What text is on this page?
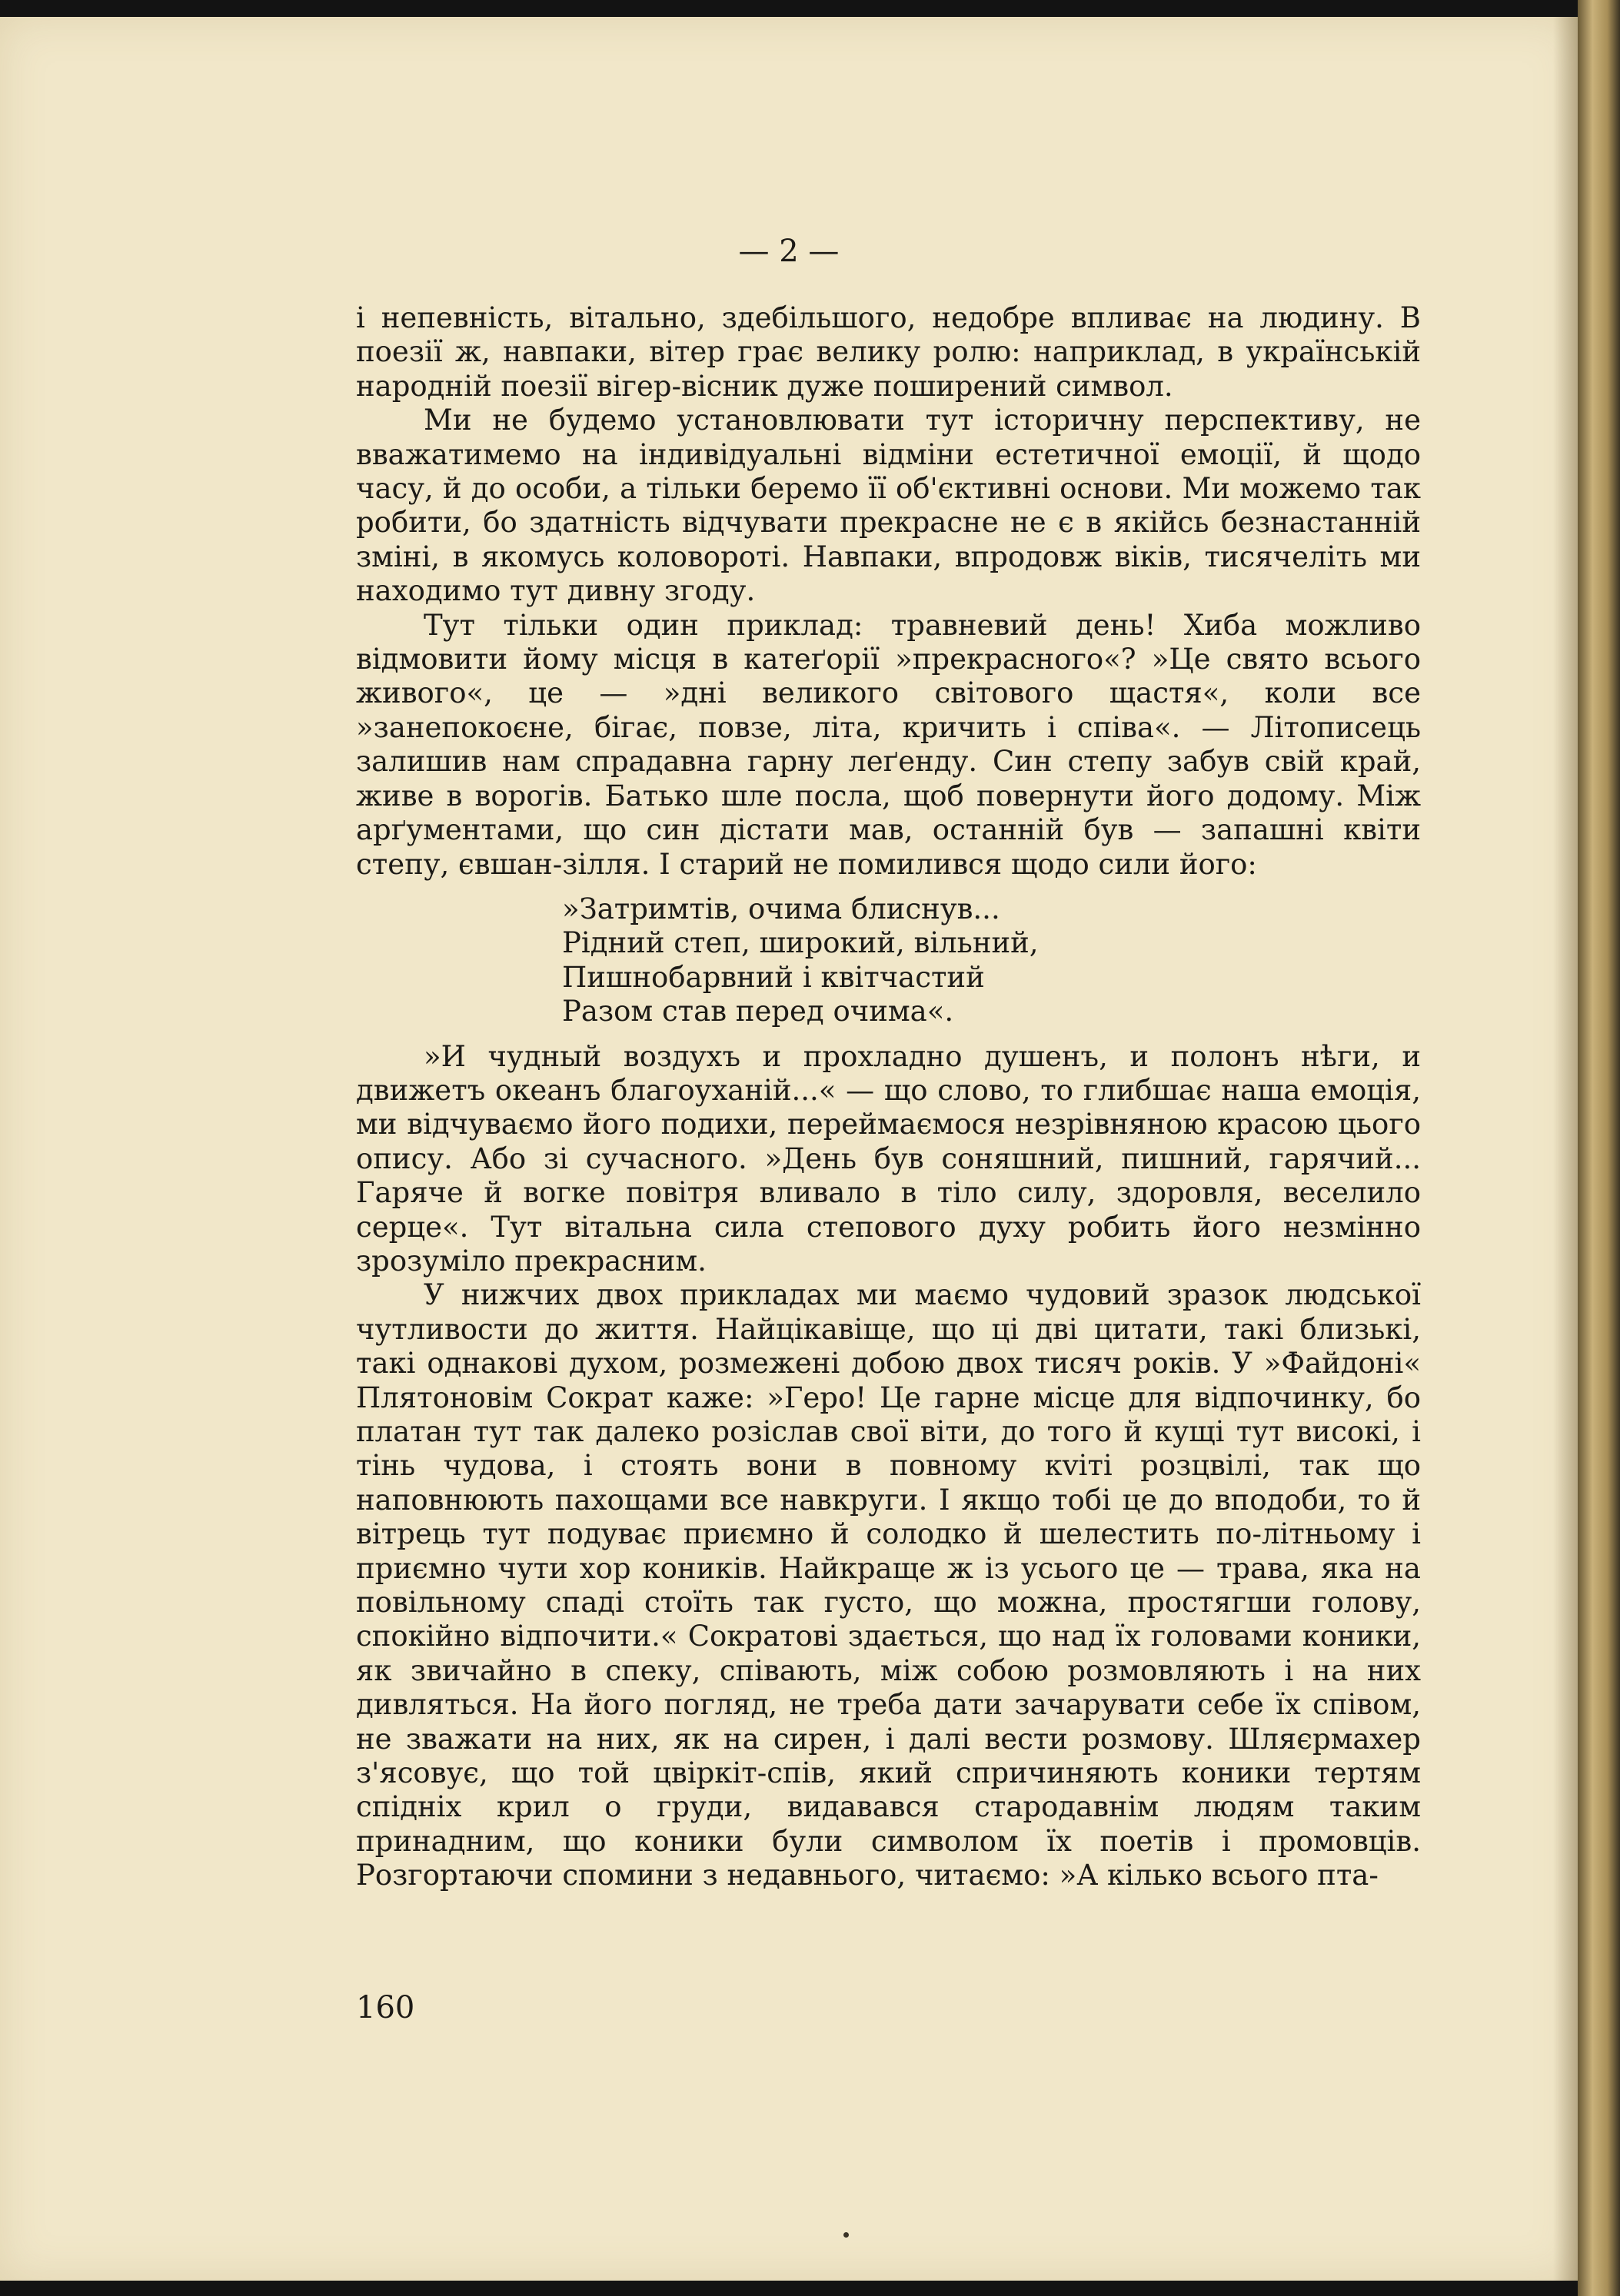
— 2 —

і непевність, вітально, здебільшого, недобре впливає на людину. В поезії ж, навпаки, вітер грає велику ролю: наприклад, в українській народній поезії вігер-вісник дуже поширений символ.

Ми не будемо установлювати тут історичну перспективу, не вважатимемо на індивідуальні відміни естетичної емоції, й щодо часу, й до особи, а тільки беремо її об'єктивні основи. Ми можемо так робити, бо здатність відчувати прекрасне не є в якійсь безнастанній зміні, в якомусь коловороті. Навпаки, впродовж віків, тисячеліть ми находимо тут дивну згоду.

Тут тільки один приклад: травневий день! Хиба можливо відмовити йому місця в катеґорії »прекрасного«? »Це свято всього живого«, це — »дні великого світового щастя«, коли все »занепокоєне, бігає, повзе, літа, кричить і співа«. — Літописець залишив нам спрадавна гарну леґенду. Син степу забув свій край, живе в ворогів. Батько шле посла, щоб повернути його додому. Між арґументами, що син дістати мав, останній був — запашні квіти степу, євшан-зілля. І старий не помилився щодо сили його:

»Затримтів, очима блиснув...
Рідний степ, широкий, вільний,
Пишнобарвний і квітчастий
Разом став перед очима«.

»И чудный воздухъ и прохладно душенъ, и полонъ нѣги, и движетъ океанъ благоуханій...« — що слово, то глибшає наша емоція, ми відчуваємо його подихи, переймаємося незрівняною красою цього опису. Або зі сучасного. »День був соняшний, пишний, гарячий... Гаряче й вогке повітря вливало в тіло силу, здоровля, веселило серце«. Тут вітальна сила степового духу робить його незмінно зрозуміло прекрасним.

У нижчих двох прикладах ми маємо чудовий зразок людської чутливости до життя. Найцікавіще, що ці дві цитати, такі близькі, такі однакові духом, розмежені добою двох тисяч років. У »Файдоні« Плятоновім Сократ каже: »Геро! Це гарне місце для відпочинку, бо платан тут так далеко розіслав свої віти, до того й кущі тут високі, і тінь чудова, і стоять вони в повному кviті розцвілі, так що наповнюють пахощами все навкруги. І якщо тобі це до вподоби, то й вітрець тут подуває приємно й солодко й шелестить по-літньому і приємно чути хор коників. Найкраще ж із усього це — трава, яка на повільному спаді стоїть так густо, що можна, простягши голову, спокійно відпочити.« Сократові здається, що над їх головами коники, як звичайно в спеку, співають, між собою розмовляють і на них дивляться. На його погляд, не треба дати зачарувати себе їх співом, не зважати на них, як на сирен, і далі вести розмову. Шляєрмахер з'ясовує, що той цвіркіт-спів, який спричиняють коники тертям спідніх крил о груди, видавався стародавнім людям таким принадним, що коники були символом їх поетів і промовців. Розгортаючи спомини з недавнього, читаємо: »А кілько всього пта-

160
